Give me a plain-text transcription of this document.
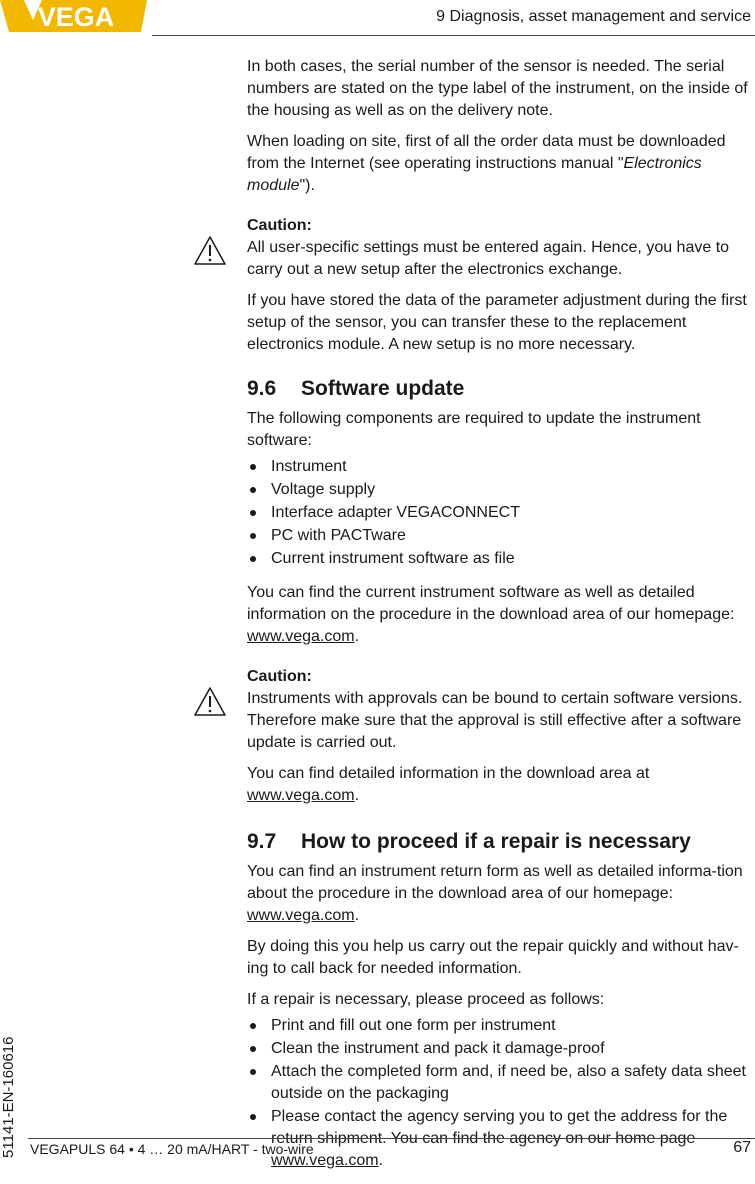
VEGA	9 Diagnosis, asset management and service

In both cases, the serial number of the sensor is needed. The serial numbers are stated on the type label of the instrument, on the inside of the housing as well as on the delivery note.

When loading on site, first of all the order data must be downloaded from the Internet (see operating instructions manual "Electronics module").

Caution:

All user-specific settings must be entered again. Hence, you have to carry out a new setup after the electronics exchange.

If you have stored the data of the parameter adjustment during the first setup of the sensor, you can transfer these to the replacement electronics module. A new setup is no more necessary.

9.6 Software update

The following components are required to update the instrument software:

Instrument
Voltage supply
Interface adapter VEGACONNECT
PC with PACTware
Current instrument software as file

You can find the current instrument software as well as detailed information on the procedure in the download area of our homepage: www.vega.com.

Caution:

Instruments with approvals can be bound to certain software versions. Therefore make sure that the approval is still effective after a software update is carried out.

You can find detailed information in the download area at www.vega.com.

9.7 How to proceed if a repair is necessary

You can find an instrument return form as well as detailed informa-tion about the procedure in the download area of our homepage: www.vega.com.

By doing this you help us carry out the repair quickly and without hav-ing to call back for needed information.

If a repair is necessary, please proceed as follows:

Print and fill out one form per instrument
Clean the instrument and pack it damage-proof
Attach the completed form and, if need be, also a safety data sheet outside on the packaging
Please contact the agency serving you to get the address for the return shipment. You can find the agency on our home page www.vega.com.
51141-EN-160616 VEGAPULS 64 • 4 … 20 mA/HART - two-wire	67
